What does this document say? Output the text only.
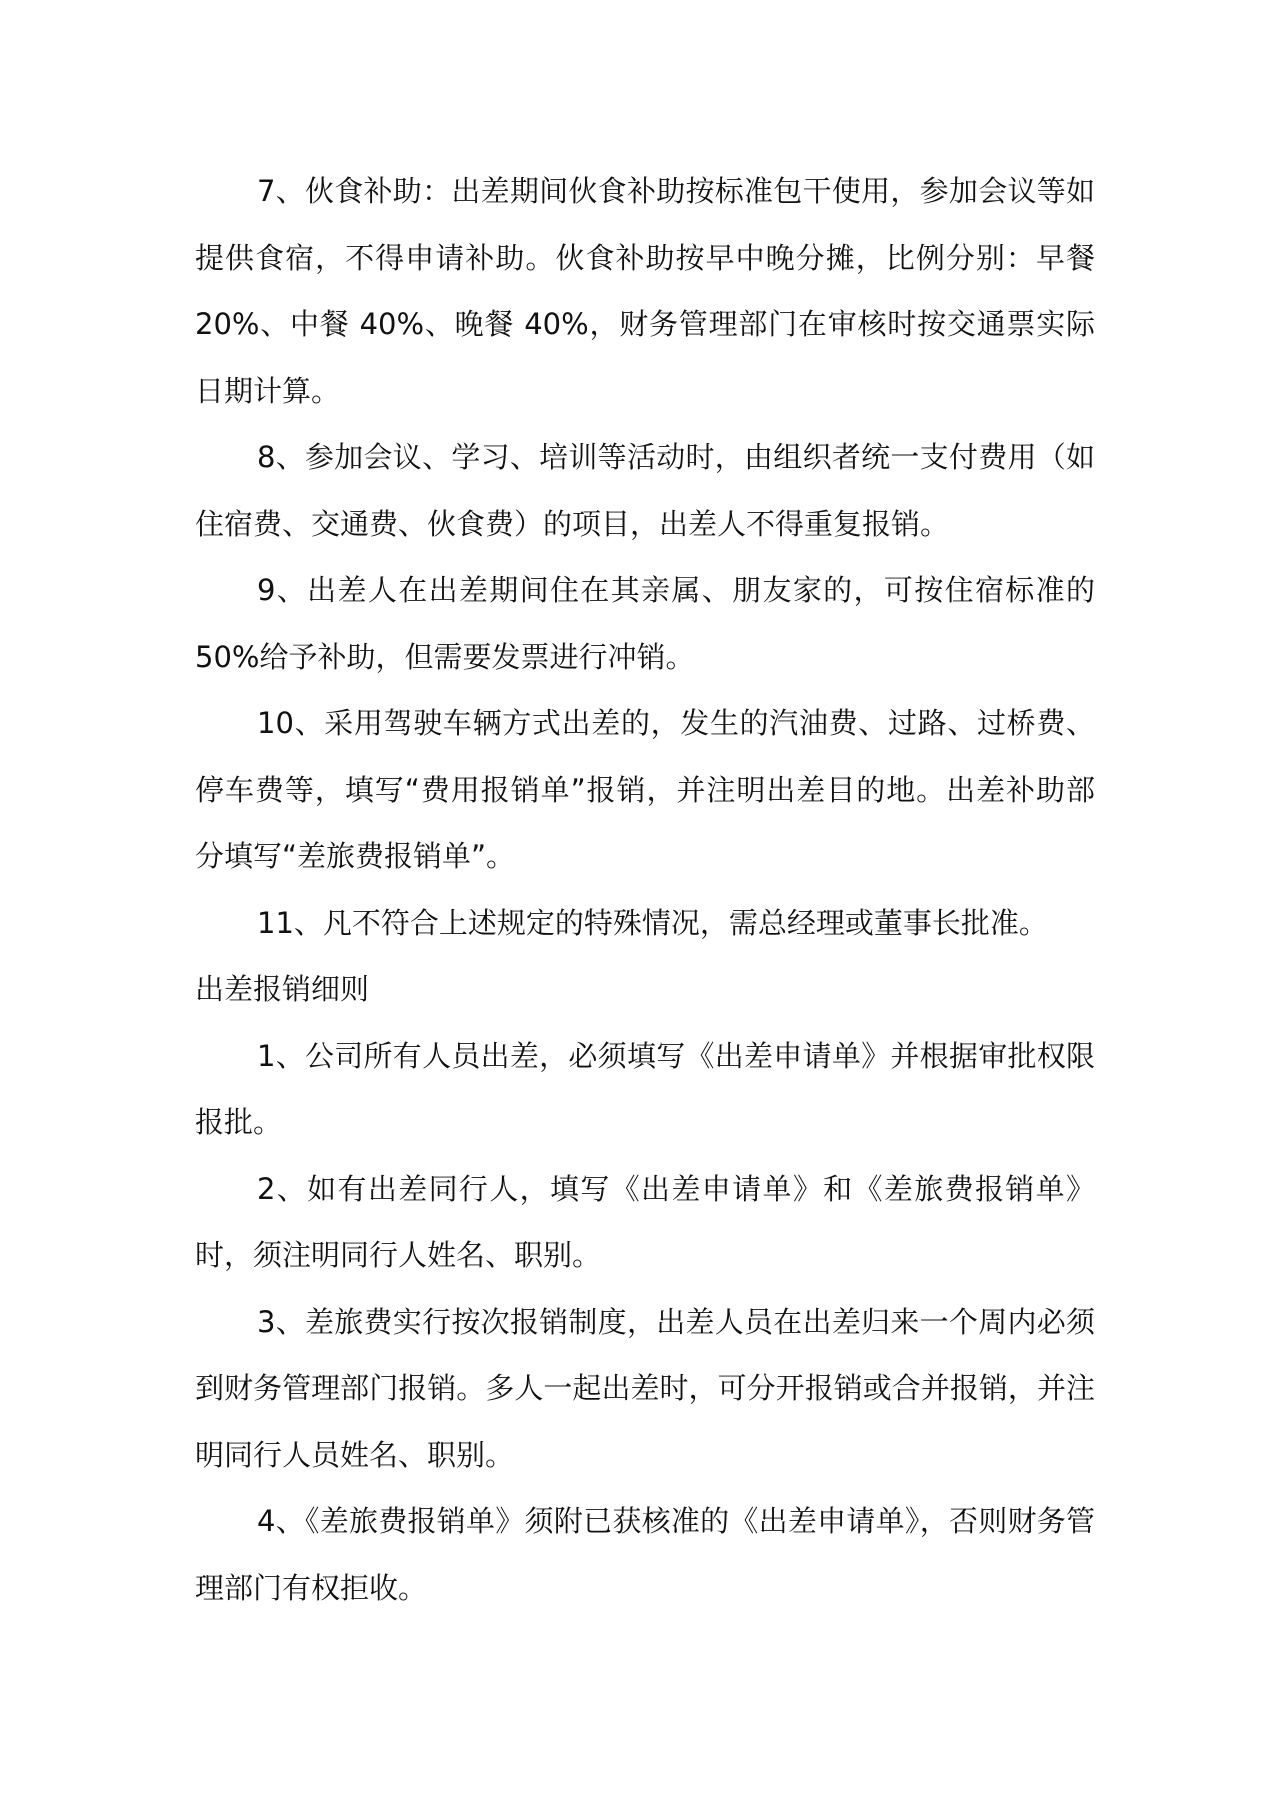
7、伙食补助：出差期间伙食补助按标准包干使用，参加会议等如提供食宿，不得申请补助。伙食补助按早中晚分摊，比例分别：早餐 20%、中餐 40%、晚餐 40%，财务管理部门在审核时按交通票实际日期计算。

8、参加会议、学习、培训等活动时，由组织者统一支付费用（如住宿费、交通费、伙食费）的项目，出差人不得重复报销。

9、出差人在出差期间住在其亲属、朋友家的，可按住宿标准的50%给予补助，但需要发票进行冲销。

10、采用驾驶车辆方式出差的，发生的汽油费、过路、过桥费、停车费等，填写“费用报销单”报销，并注明出差目的地。出差补助部分填写“差旅费报销单”。

11、凡不符合上述规定的特殊情况，需总经理或董事长批准。

出差报销细则

1、公司所有人员出差，必须填写《出差申请单》并根据审批权限报批。

2、如有出差同行人，填写《出差申请单》和《差旅费报销单》时，须注明同行人姓名、职别。

3、差旅费实行按次报销制度，出差人员在出差归来一个周内必须到财务管理部门报销。多人一起出差时，可分开报销或合并报销，并注明同行人员姓名、职别。

4、《差旅费报销单》须附已获核准的《出差申请单》，否则财务管理部门有权拒收。
